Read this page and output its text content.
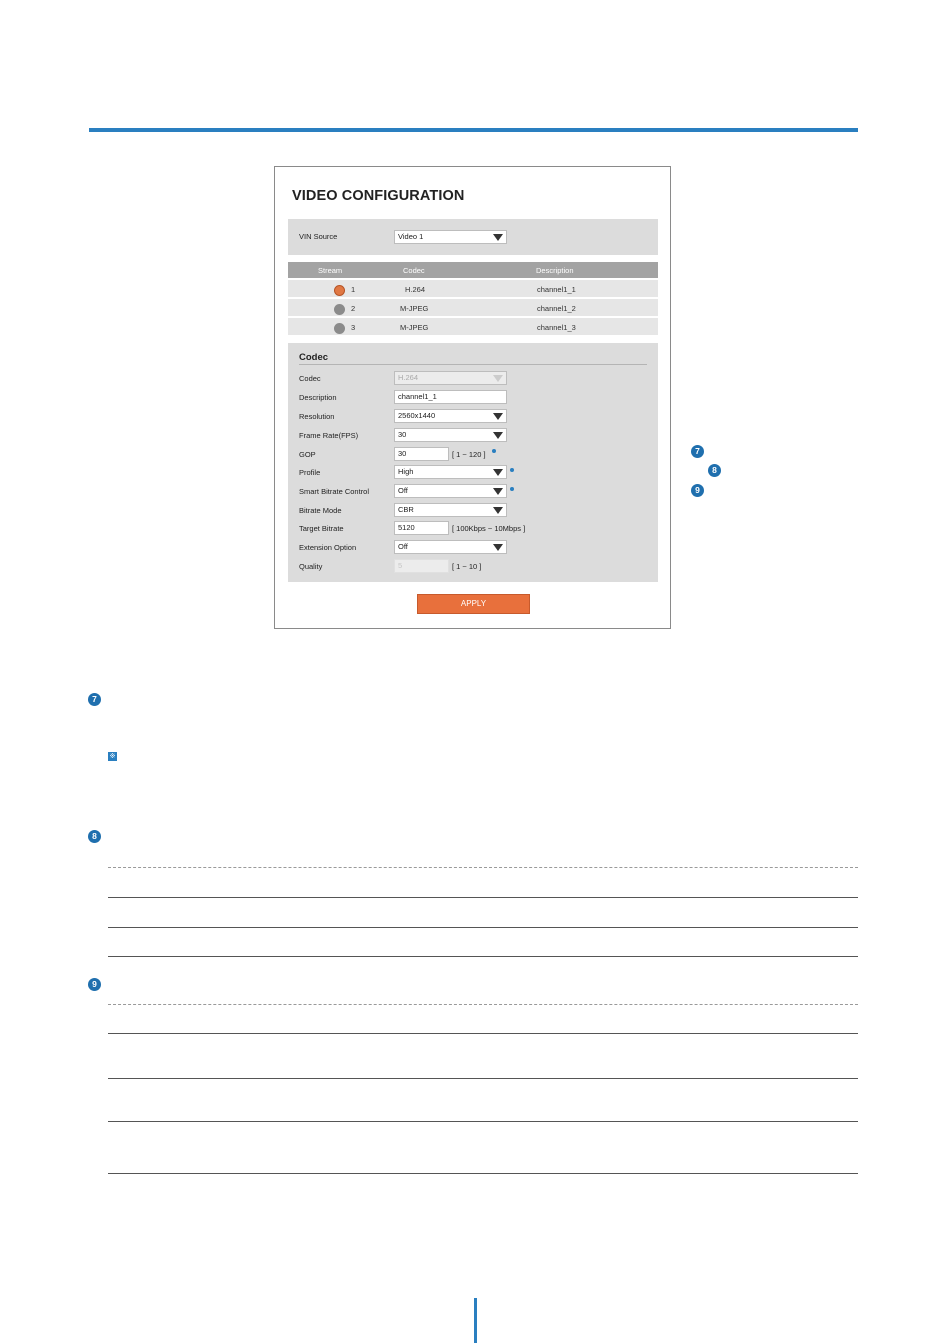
VIDEO CONFIGURATION
VIN Source	Video 1
Stream	Codec	Description
1	H.264	channel1_1
2	M-JPEG	channel1_2
3	M-JPEG	channel1_3
Codec
Codec	H.264
Description	channel1_1
Resolution	2560x1440
Frame Rate(FPS)	30
GOP	30	[ 1 ~ 120 ]
Profile	High
Smart Bitrate Control	Off
Bitrate Mode	CBR
Target Bitrate	5120	[ 100Kbps ~ 10Mbps ]
Extension Option	Off
Quality	5	[ 1 ~ 10 ]
APPLY
7
8
9
7
※
8
9
